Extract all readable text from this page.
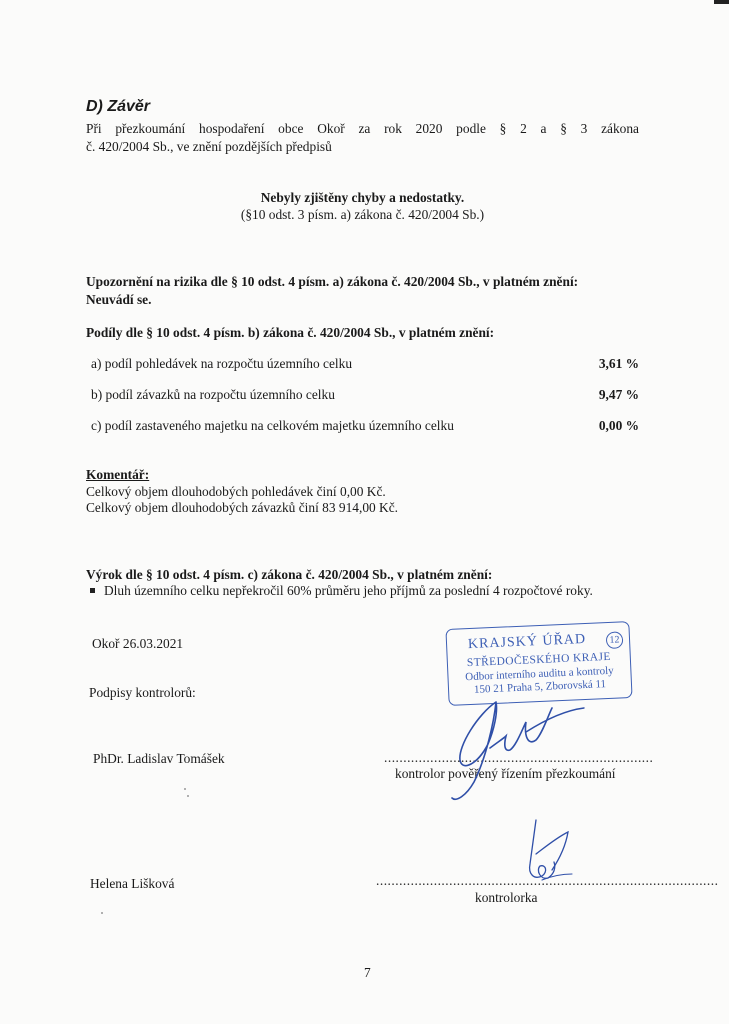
D) Závěr
Při přezkoumání hospodaření obce Okoř za rok 2020 podle § 2 a § 3 zákona
č. 420/2004 Sb., ve znění pozdějších předpisů
Nebyly zjištěny chyby a nedostatky.
(§10 odst. 3 písm. a) zákona č. 420/2004 Sb.)
Upozornění na rizika dle § 10 odst. 4 písm. a) zákona č. 420/2004 Sb., v platném znění:
Neuvádí se.
Podíly dle § 10 odst. 4 písm. b) zákona č. 420/2004 Sb., v platném znění:
a) podíl pohledávek na rozpočtu územního celku	3,61 %
b) podíl závazků na rozpočtu územního celku	9,47 %
c) podíl zastaveného majetku na celkovém majetku územního celku	0,00 %
Komentář:
Celkový objem dlouhodobých pohledávek činí 0,00 Kč.
Celkový objem dlouhodobých závazků činí 83 914,00 Kč.
Výrok dle § 10 odst. 4 písm. c) zákona č. 420/2004 Sb., v platném znění:
Dluh územního celku nepřekročil 60% průměru jeho příjmů za poslední 4 rozpočtové roky.
Okoř 26.03.2021
Podpisy kontrolorů:
KRAJSKÝ ÚŘAD	12
STŘEDOČESKÉHO KRAJE
Odbor interního auditu a kontroly
150 21 Praha 5, Zborovská 11
PhDr. Ladislav Tomášek	......................................................................
kontrolor pověřený řízením přezkoumání
Helena Lišková	.........................................................................................
kontrolorka
7
